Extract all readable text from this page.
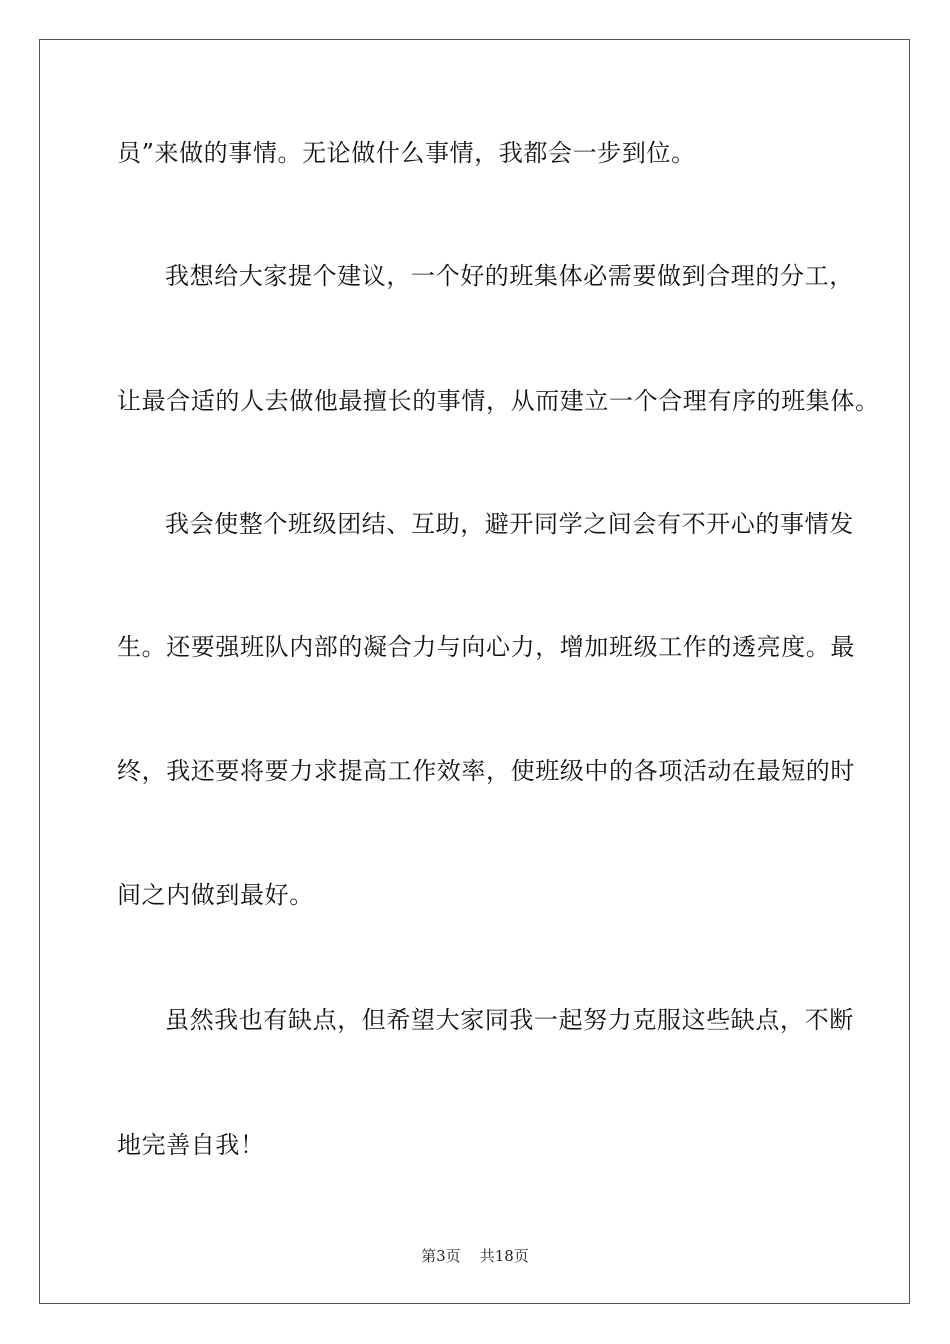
员”来做的事情。无论做什么事情，我都会一步到位。
我想给大家提个建议，一个好的班集体必需要做到合理的分工，
让最合适的人去做他最擅长的事情，从而建立一个合理有序的班集体。
我会使整个班级团结、互助，避开同学之间会有不开心的事情发
生。还要强班队内部的凝合力与向心力，增加班级工作的透亮度。最
终，我还要将要力求提高工作效率，使班级中的各项活动在最短的时
间之内做到最好。
虽然我也有缺点，但希望大家同我一起努力克服这些缺点，不断
地完善自我！
第3页    共18页
